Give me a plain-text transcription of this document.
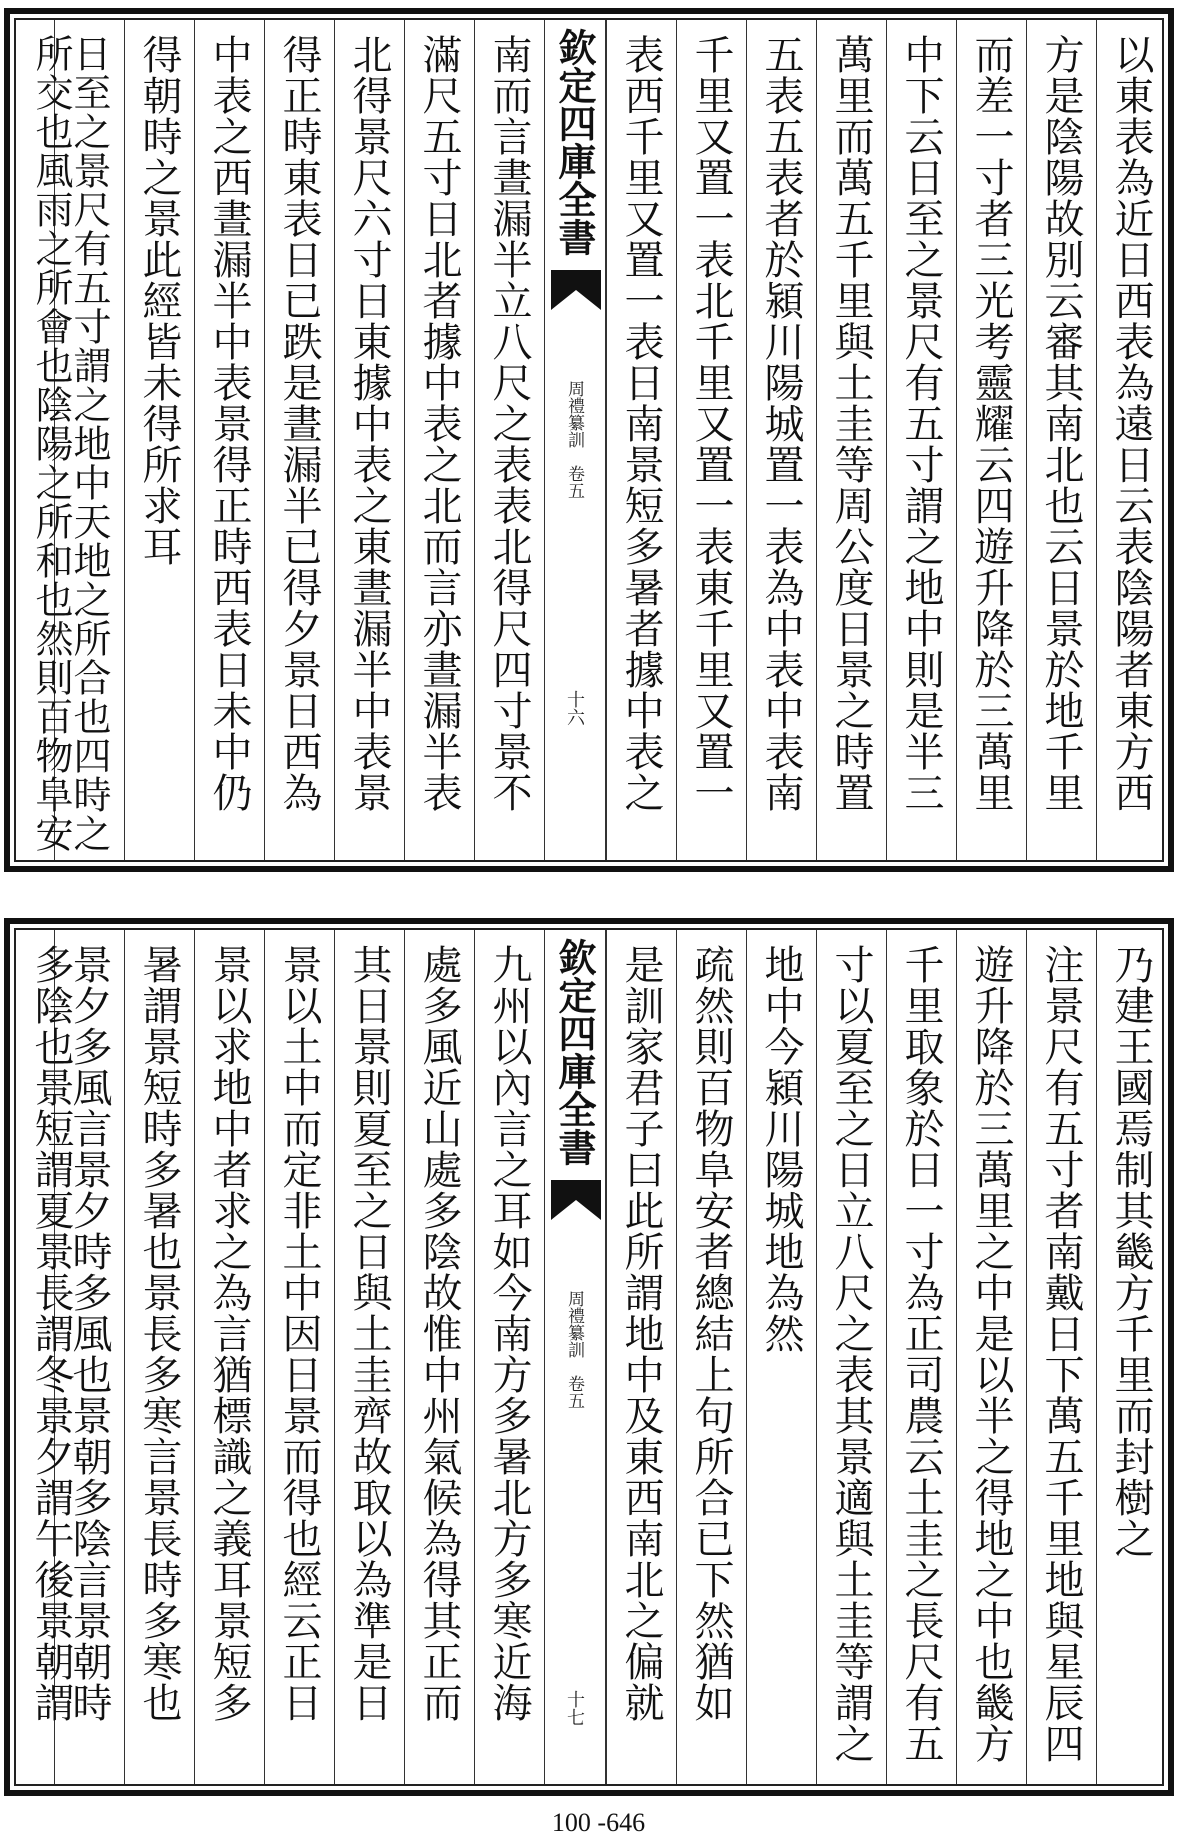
以東表為近日西表為遠日云表陰陽者東方西
方是陰陽故別云審其南北也云日景於地千里
而差一寸者三光考靈耀云四遊升降於三萬里
中下云日至之景尺有五寸謂之地中則是半三
萬里而萬五千里與土圭等周公度日景之時置
五表五表者於潁川陽城置一表為中表中表南
千里又置一表北千里又置一表東千里又置一
表西千里又置一表日南景短多暑者據中表之
欽定四庫全書
周禮纂訓　卷五
十六
南而言晝漏半立八尺之表表北得尺四寸景不
滿尺五寸日北者據中表之北而言亦晝漏半表
北得景尺六寸日東據中表之東晝漏半中表景
得正時東表日已跌是晝漏半已得夕景日西為
中表之西晝漏半中表景得正時西表日未中仍
得朝時之景此經皆未得所求耳
日至之景尺有五寸謂之地中天地之所合也四時之
所交也風雨之所會也陰陽之所和也然則百物阜安
乃建王國焉制其畿方千里而封樹之
注景尺有五寸者南戴日下萬五千里地與星辰四
遊升降於三萬里之中是以半之得地之中也畿方
千里取象於日一寸為正司農云土圭之長尺有五
寸以夏至之日立八尺之表其景適與土圭等謂之
地中今潁川陽城地為然
疏然則百物阜安者總結上句所合已下然猶如
是訓家君子曰此所謂地中及東西南北之偏就
欽定四庫全書
周禮纂訓　卷五
十七
九州以內言之耳如今南方多暑北方多寒近海
處多風近山處多陰故惟中州氣候為得其正而
其日景則夏至之日與土圭齊故取以為準是日
景以土中而定非土中因日景而得也經云正日
景以求地中者求之為言猶標識之義耳景短多
暑謂景短時多暑也景長多寒言景長時多寒也
景夕多風言景夕時多風也景朝多陰言景朝時
多陰也景短謂夏景長謂冬景夕謂午後景朝謂
100 -646
